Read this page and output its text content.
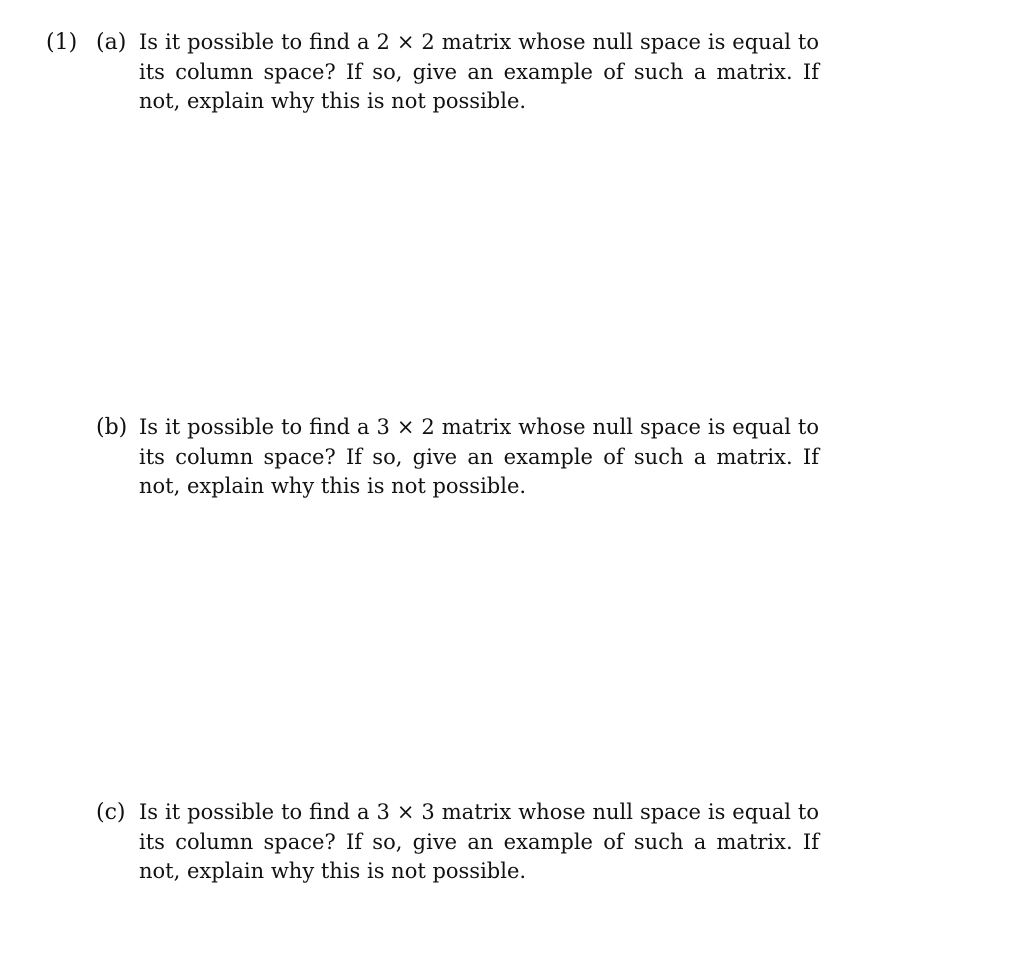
(1) (a) Is it possible to find a 2 × 2 matrix whose null space is equal to
its column space? If so, give an example of such a matrix. If
not, explain why this is not possible.
(b) Is it possible to find a 3 × 2 matrix whose null space is equal to
its column space? If so, give an example of such a matrix. If
not, explain why this is not possible.
(c) Is it possible to find a 3 × 3 matrix whose null space is equal to
its column space? If so, give an example of such a matrix. If
not, explain why this is not possible.
